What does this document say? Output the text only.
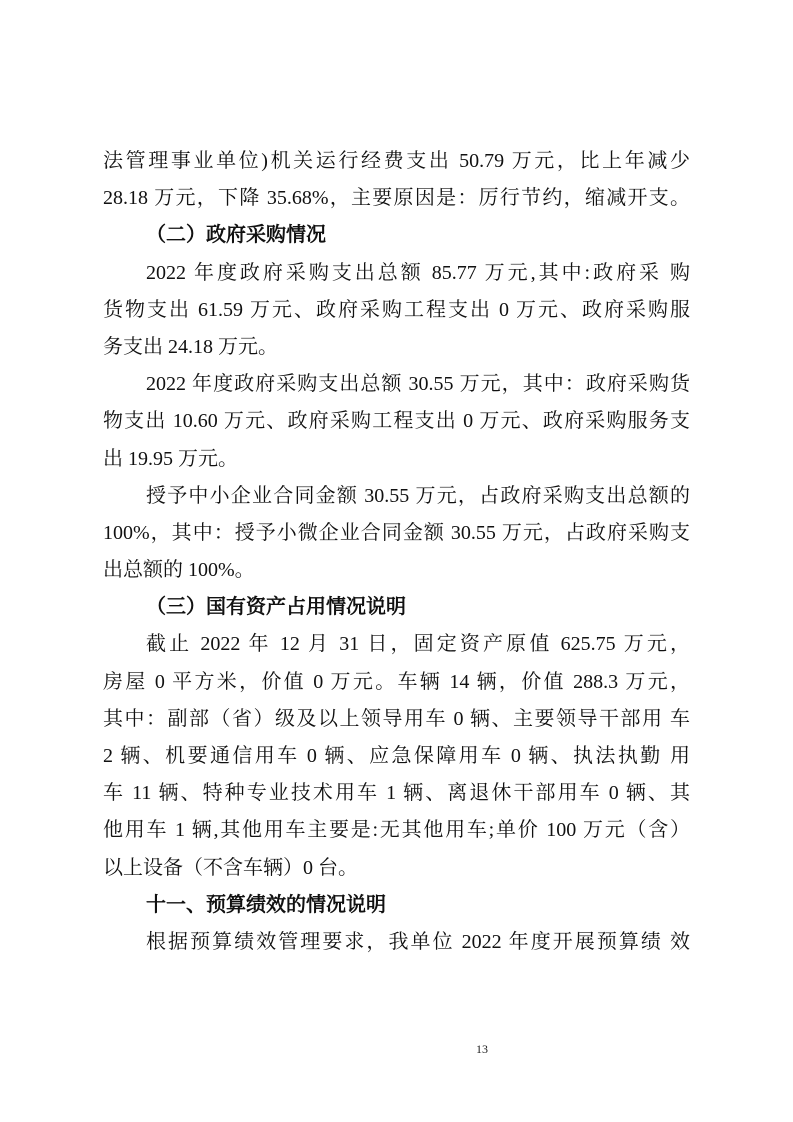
法管理事业单位)机关运行经费支出 50.79 万元，比上年减少
28.18 万元，下降 35.68%，主要原因是：厉行节约，缩减开支。
（二）政府采购情况
2022 年度政府采购支出总额 85.77 万元,其中:政府采 购
货物支出 61.59 万元、政府采购工程支出 0 万元、政府采购服
务支出 24.18 万元。
2022 年度政府采购支出总额 30.55 万元，其中：政府采购货
物支出 10.60 万元、政府采购工程支出 0 万元、政府采购服务支
出 19.95 万元。
授予中小企业合同金额 30.55 万元，占政府采购支出总额的
100%，其中：授予小微企业合同金额 30.55 万元，占政府采购支
出总额的 100%。
（三）国有资产占用情况说明
截止 2022 年 12 月 31 日，固定资产原值 625.75 万元，
房屋 0 平方米，价值 0 万元。车辆 14 辆，价值 288.3 万元，
其中：副部（省）级及以上领导用车 0 辆、主要领导干部用 车
2 辆、机要通信用车 0 辆、应急保障用车 0 辆、执法执勤 用
车 11 辆、特种专业技术用车 1 辆、离退休干部用车 0 辆、其
他用车 1 辆,其他用车主要是:无其他用车;单价 100 万元（含）
以上设备（不含车辆）0 台。
十一、预算绩效的情况说明
根据预算绩效管理要求，我单位 2022 年度开展预算绩 效
13
